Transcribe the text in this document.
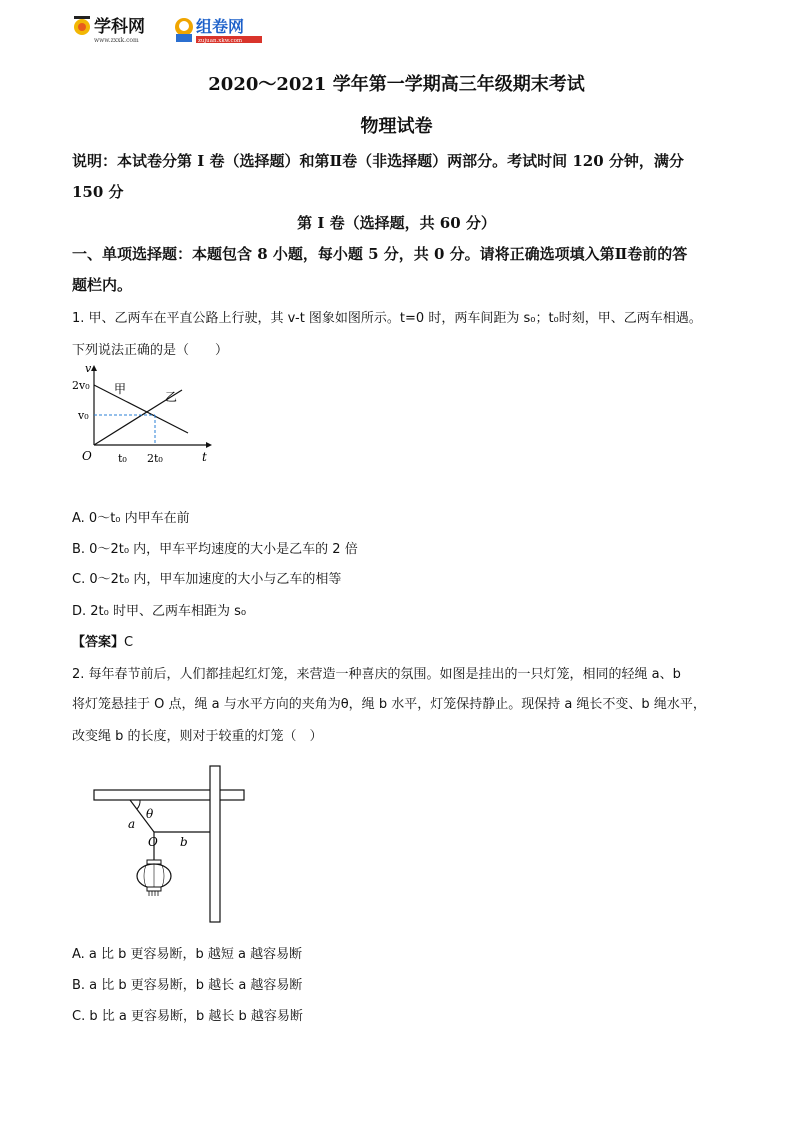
学科网
www.zxxk.com
组卷网
zujuan.xkw.com
2020～2021 学年第一学期高三年级期末考试
物理试卷
说明：本试卷分第 I 卷（选择题）和第Ⅱ卷（非选择题）两部分。考试时间 120 分钟，满分
150 分
第 I 卷（选择题，共 60 分）
一、单项选择题：本题包含 8 小题，每小题 5 分，共 0 分。请将正确选项填入第Ⅱ卷前的答
题栏内。
1. 甲、乙两车在平直公路上行驶，其 v-t 图象如图所示。t=0 时，两车间距为 s₀；t₀时刻，甲、乙两车相遇。
下列说法正确的是（　　）
v
2v₀
v₀
O t₀ 2t₀	t
甲
乙
A. 0～t₀ 内甲车在前
B. 0～2t₀ 内，甲车平均速度的大小是乙车的 2 倍
C. 0～2t₀ 内，甲车加速度的大小与乙车的相等
D. 2t₀ 时甲、乙两车相距为 s₀
【答案】C
2. 每年春节前后，人们都挂起红灯笼，来营造一种喜庆的氛围。如图是挂出的一只灯笼，相同的轻绳 a、b
将灯笼悬挂于 O 点，绳 a 与水平方向的夹角为θ，绳 b 水平，灯笼保持静止。现保持 a 绳长不变、b 绳水平，
改变绳 b 的长度，则对于较重的灯笼（　）
θ
a
O b
A. a 比 b 更容易断，b 越短 a 越容易断
B. a 比 b 更容易断，b 越长 a 越容易断
C. b 比 a 更容易断，b 越长 b 越容易断
